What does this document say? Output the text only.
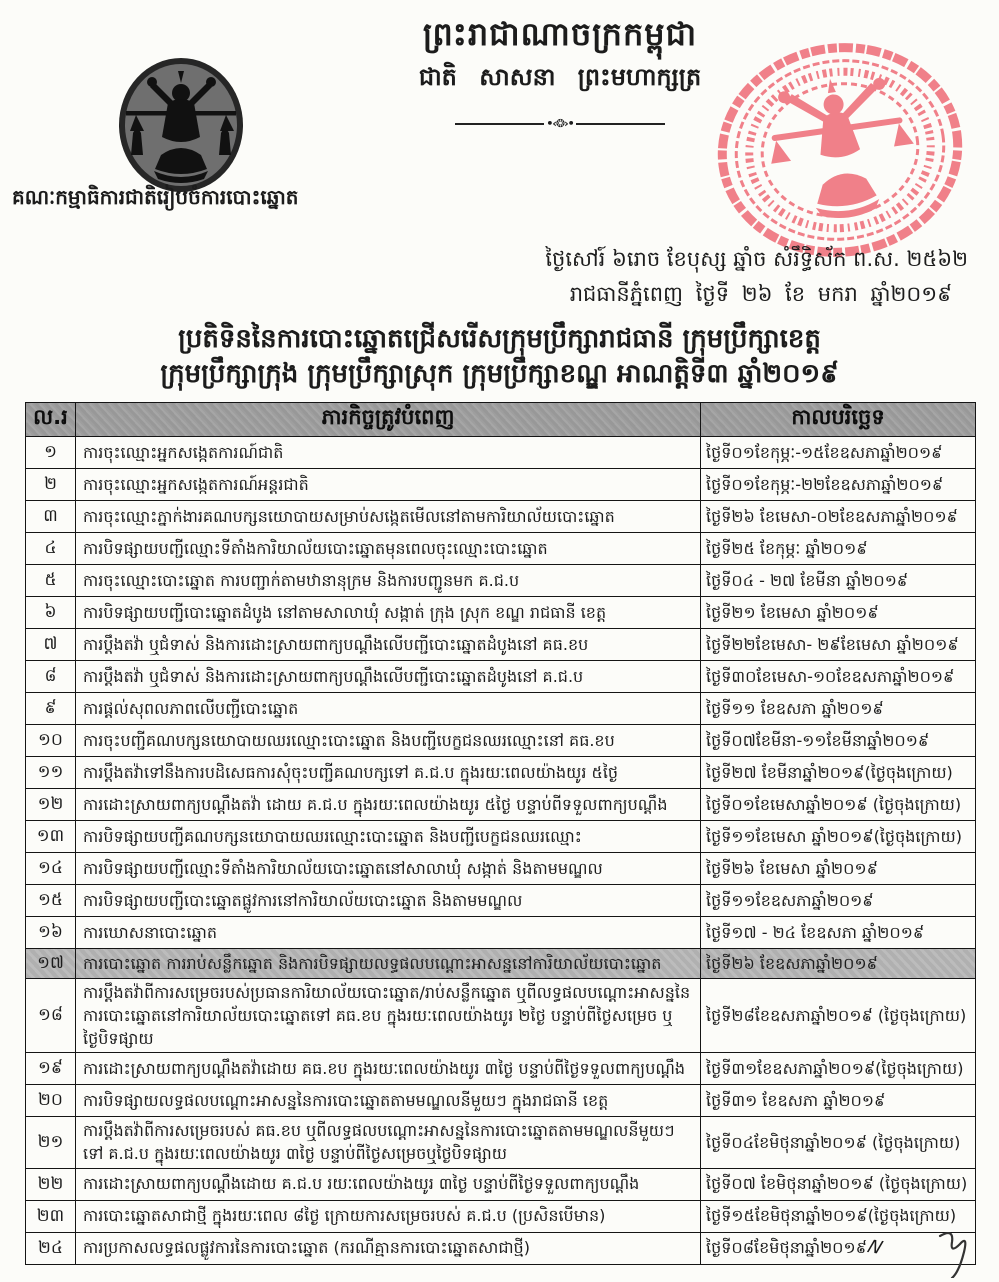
ព្រះរាជាណាចក្រកម្ពុជា
ជាតិ សាសនា ព្រះមហាក្សត្រ
•‹❂›•
គណៈកម្មាធិការជាតិរៀបចំការបោះឆ្នោត
ថ្ងៃសៅរ៍ ៦រោច ខែបុស្ស ឆ្នាំច សំរឹទ្ធិស័ក ព.ស. ២៥៦២
រាជធានីភ្នំពេញ ថ្ងៃទី ២៦ ខែ មករា ឆ្នាំ២០១៩
ប្រតិទិននៃការបោះឆ្នោតជ្រើសរើសក្រុមប្រឹក្សារាជធានី ក្រុមប្រឹក្សាខេត្ត
ក្រុមប្រឹក្សាក្រុង ក្រុមប្រឹក្សាស្រុក ក្រុមប្រឹក្សាខណ្ឌ អាណត្តិទី៣ ឆ្នាំ២០១៩
ល.រ	ភារកិច្ចត្រូវបំពេញ	កាលបរិច្ឆេទ
១	ការចុះឈ្មោះអ្នកសង្កេតការណ៍ជាតិ	ថ្ងៃទី០១ខែកុម្ភៈ-១៥ខែឧសភាឆ្នាំ២០១៩
២	ការចុះឈ្មោះអ្នកសង្កេតការណ៍អន្តរជាតិ	ថ្ងៃទី០១ខែកុម្ភៈ-២២ខែឧសភាឆ្នាំ២០១៩
៣	ការចុះឈ្មោះភ្នាក់ងារគណបក្សនយោបាយសម្រាប់សង្កេតមើលនៅតាមការិយាល័យបោះឆ្នោត	ថ្ងៃទី២៦ ខែមេសា-០២ខែឧសភាឆ្នាំ២០១៩
៤	ការបិទផ្សាយបញ្ជីឈ្មោះទីតាំងការិយាល័យបោះឆ្នោតមុនពេលចុះឈ្មោះបោះឆ្នោត	ថ្ងៃទី២៥ ខែកុម្ភៈ ឆ្នាំ២០១៩
៥	ការចុះឈ្មោះបោះឆ្នោត ការបញ្ជាក់តាមឋានានុក្រម និងការបញ្ជូនមក គ.ជ.ប	ថ្ងៃទី០៤ - ២៧ ខែមីនា ឆ្នាំ២០១៩
៦	ការបិទផ្សាយបញ្ជីបោះឆ្នោតដំបូង នៅតាមសាលាឃុំ សង្កាត់ ក្រុង ស្រុក ខណ្ឌ រាជធានី ខេត្ត	ថ្ងៃទី២១ ខែមេសា ឆ្នាំ២០១៩
៧	ការប្តឹងតវ៉ា ឬជំទាស់ និងការដោះស្រាយពាក្យបណ្តឹងលើបញ្ជីបោះឆ្នោតដំបូងនៅ គធ.ខប	ថ្ងៃទី២២ខែមេសា- ២៩ខែមេសា ឆ្នាំ២០១៩
៨	ការប្តឹងតវ៉ា ឬជំទាស់ និងការដោះស្រាយពាក្យបណ្តឹងលើបញ្ជីបោះឆ្នោតដំបូងនៅ គ.ជ.ប	ថ្ងៃទី៣០ខែមេសា-១០ខែឧសភាឆ្នាំ២០១៩
៩	ការផ្តល់សុពលភាពលើបញ្ជីបោះឆ្នោត	ថ្ងៃទី១១ ខែឧសភា ឆ្នាំ២០១៩
១០	ការចុះបញ្ជីគណបក្សនយោបាយឈរឈ្មោះបោះឆ្នោត និងបញ្ជីបេក្ខជនឈរឈ្មោះនៅ គធ.ខប	ថ្ងៃទី០៧ខែមីនា-១១ខែមីនាឆ្នាំ២០១៩
១១	ការប្តឹងតវ៉ាទៅនឹងការបដិសេធការសុំចុះបញ្ជីគណបក្សទៅ គ.ជ.ប ក្នុងរយៈពេលយ៉ាងយូរ ៥ថ្ងៃ	ថ្ងៃទី២៧ ខែមីនាឆ្នាំ២០១៩(ថ្ងៃចុងក្រោយ)
១២	ការដោះស្រាយពាក្យបណ្តឹងតវ៉ា ដោយ គ.ជ.ប ក្នុងរយៈពេលយ៉ាងយូរ ៥ថ្ងៃ បន្ទាប់ពីទទួលពាក្យបណ្តឹង	ថ្ងៃទី០១ខែមេសាឆ្នាំ២០១៩ (ថ្ងៃចុងក្រោយ)
១៣	ការបិទផ្សាយបញ្ជីគណបក្សនយោបាយឈរឈ្មោះបោះឆ្នោត និងបញ្ជីបេក្ខជនឈរឈ្មោះ	ថ្ងៃទី១១ខែមេសា ឆ្នាំ២០១៩(ថ្ងៃចុងក្រោយ)
១៤	ការបិទផ្សាយបញ្ជីឈ្មោះទីតាំងការិយាល័យបោះឆ្នោតនៅសាលាឃុំ សង្កាត់ និងតាមមណ្ឌល	ថ្ងៃទី២៦ ខែមេសា ឆ្នាំ២០១៩
១៥	ការបិទផ្សាយបញ្ជីបោះឆ្នោតផ្លូវការនៅការិយាល័យបោះឆ្នោត និងតាមមណ្ឌល	ថ្ងៃទី១១ខែឧសភាឆ្នាំ២០១៩
១៦	ការឃោសនាបោះឆ្នោត	ថ្ងៃទី១៧ - ២៤ ខែឧសភា ឆ្នាំ២០១៩
១៧	ការបោះឆ្នោត ការរាប់សន្លឹកឆ្នោត និងការបិទផ្សាយលទ្ធផលបណ្តោះអាសន្ននៅការិយាល័យបោះឆ្នោត	ថ្ងៃទី២៦ ខែឧសភាឆ្នាំ២០១៩
១៨	ការប្តឹងតវ៉ាពីការសម្រេចរបស់ប្រធានការិយាល័យបោះឆ្នោត/រាប់សន្លឹកឆ្នោត ឬពីលទ្ធផលបណ្តោះអាសន្ននៃការបោះឆ្នោតនៅការិយាល័យបោះឆ្នោតទៅ គធ.ខប ក្នុងរយៈពេលយ៉ាងយូរ ២ថ្ងៃ បន្ទាប់ពីថ្ងៃសម្រេច ឬថ្ងៃបិទផ្សាយ	ថ្ងៃទី២៨ខែឧសភាឆ្នាំ២០១៩ (ថ្ងៃចុងក្រោយ)
១៩	ការដោះស្រាយពាក្យបណ្តឹងតវ៉ាដោយ គធ.ខប ក្នុងរយៈពេលយ៉ាងយូរ ៣ថ្ងៃ បន្ទាប់ពីថ្ងៃទទួលពាក្យបណ្តឹង	ថ្ងៃទី៣១ខែឧសភាឆ្នាំ២០១៩(ថ្ងៃចុងក្រោយ)
២០	ការបិទផ្សាយលទ្ធផលបណ្តោះអាសន្ននៃការបោះឆ្នោតតាមមណ្ឌលនីមួយៗ ក្នុងរាជធានី ខេត្ត	ថ្ងៃទី៣១ ខែឧសភា ឆ្នាំ២០១៩
២១	ការប្តឹងតវ៉ាពីការសម្រេចរបស់ គធ.ខប ឬពីលទ្ធផលបណ្តោះអាសន្ននៃការបោះឆ្នោតតាមមណ្ឌលនីមួយៗ ទៅ គ.ជ.ប ក្នុងរយៈពេលយ៉ាងយូរ ៣ថ្ងៃ បន្ទាប់ពីថ្ងៃសម្រេចឬថ្ងៃបិទផ្សាយ	ថ្ងៃទី០៤ខែមិថុនាឆ្នាំ២០១៩ (ថ្ងៃចុងក្រោយ)
២២	ការដោះស្រាយពាក្យបណ្តឹងដោយ គ.ជ.ប រយៈពេលយ៉ាងយូរ ៣ថ្ងៃ បន្ទាប់ពីថ្ងៃទទួលពាក្យបណ្តឹង	ថ្ងៃទី០៧ ខែមិថុនាឆ្នាំ២០១៩ (ថ្ងៃចុងក្រោយ)
២៣	ការបោះឆ្នោតសាជាថ្មី ក្នុងរយៈពេល ៨ថ្ងៃ ក្រោយការសម្រេចរបស់ គ.ជ.ប (ប្រសិនបើមាន)	ថ្ងៃទី១៥ខែមិថុនាឆ្នាំ២០១៩(ថ្ងៃចុងក្រោយ)
២៤	ការប្រកាសលទ្ធផលផ្លូវការនៃការបោះឆ្នោត (ករណីគ្មានការបោះឆ្នោតសាជាថ្មី)	ថ្ងៃទី០៨ខែមិថុនាឆ្នាំ២០១៩N
